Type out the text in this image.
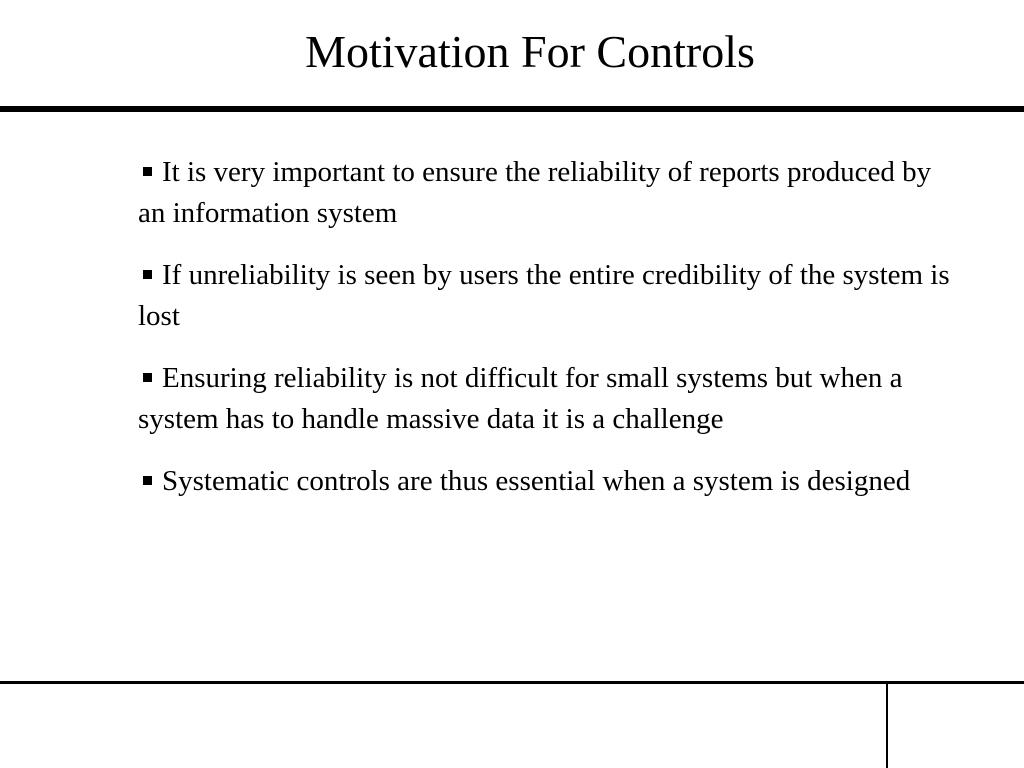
Motivation For Controls
It is very important to ensure the reliability of reports produced by an information system
If unreliability is seen by users the entire credibility of the system is lost
Ensuring reliability is not difficult for small systems but when a system has to handle massive data it is a challenge
Systematic controls are thus essential when a system is designed
